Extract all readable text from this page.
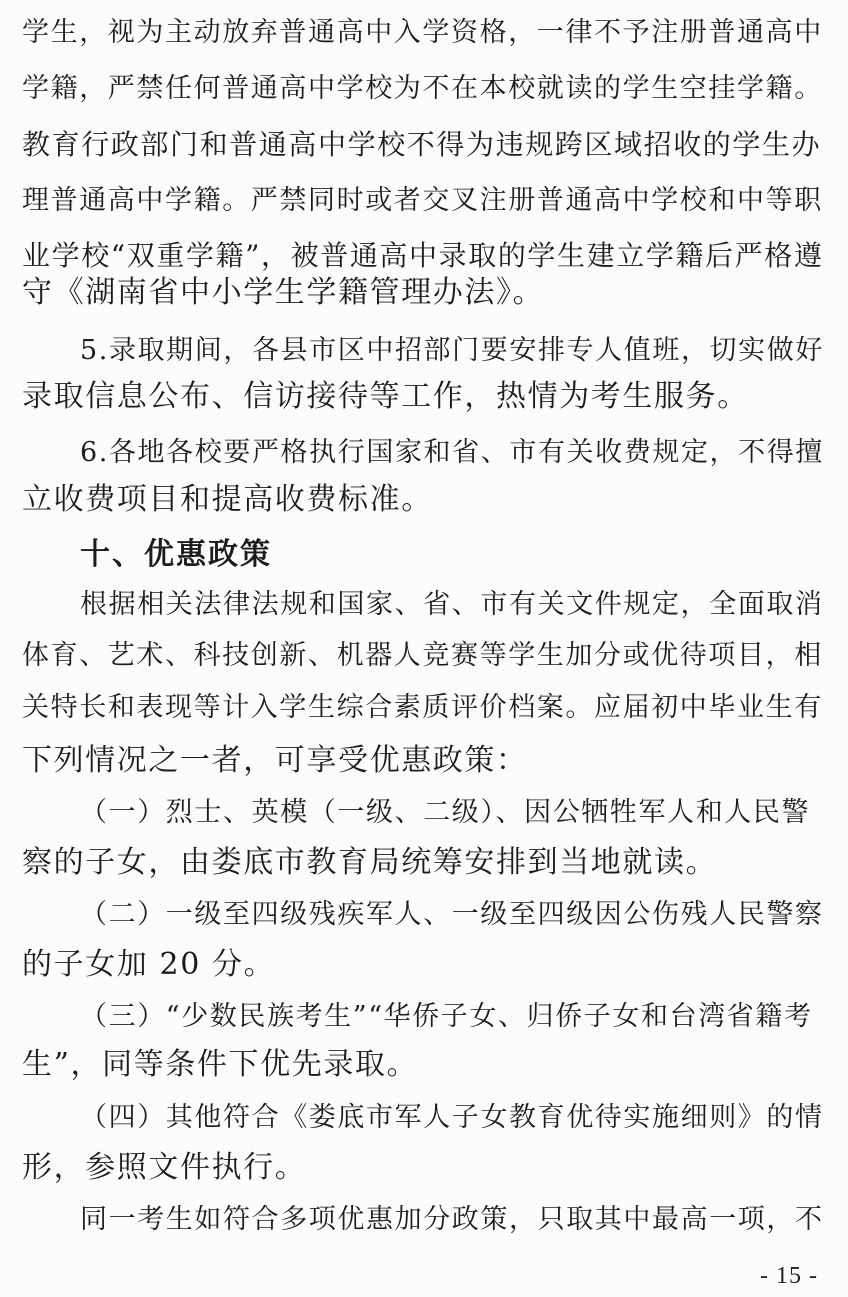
学生，视为主动放弃普通高中入学资格，一律不予注册普通高中
学籍，严禁任何普通高中学校为不在本校就读的学生空挂学籍。
教育行政部门和普通高中学校不得为违规跨区域招收的学生办
理普通高中学籍。严禁同时或者交叉注册普通高中学校和中等职
业学校“双重学籍”，被普通高中录取的学生建立学籍后严格遵
守《湖南省中小学生学籍管理办法》。
5.录取期间，各县市区中招部门要安排专人值班，切实做好
录取信息公布、信访接待等工作，热情为考生服务。
6.各地各校要严格执行国家和省、市有关收费规定，不得擅
立收费项目和提高收费标准。
十、优惠政策
根据相关法律法规和国家、省、市有关文件规定，全面取消
体育、艺术、科技创新、机器人竞赛等学生加分或优待项目，相
关特长和表现等计入学生综合素质评价档案。应届初中毕业生有
下列情况之一者，可享受优惠政策：
（一）烈士、英模（一级、二级）、因公牺牲军人和人民警
察的子女，由娄底市教育局统筹安排到当地就读。
（二）一级至四级残疾军人、一级至四级因公伤残人民警察
的子女加 20 分。
（三）“少数民族考生”“华侨子女、归侨子女和台湾省籍考
生”，同等条件下优先录取。
（四）其他符合《娄底市军人子女教育优待实施细则》的情
形，参照文件执行。
同一考生如符合多项优惠加分政策，只取其中最高一项，不
- 15 -
